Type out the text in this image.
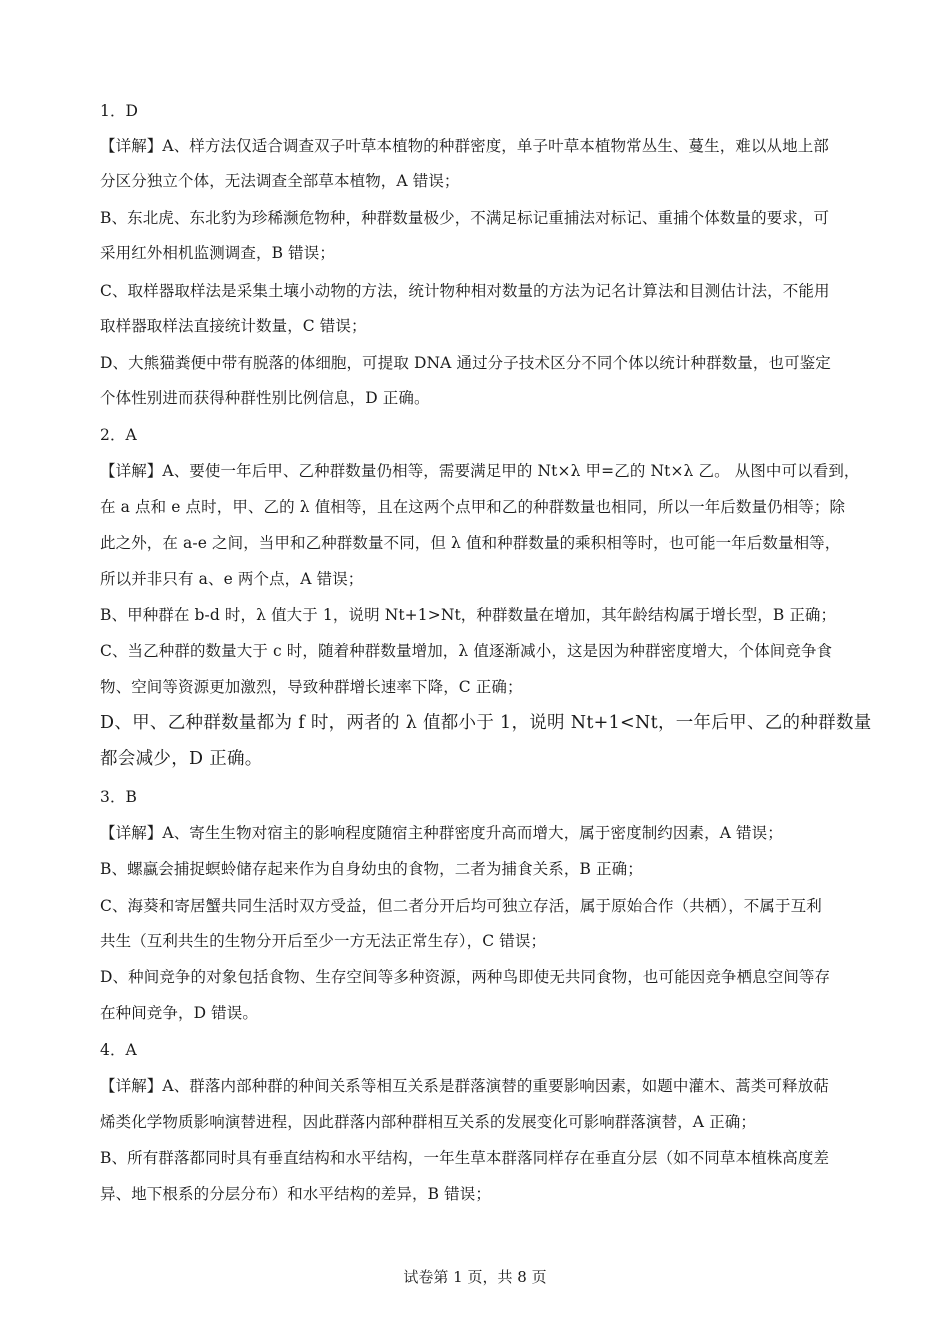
1．D
【详解】A、样方法仅适合调查双子叶草本植物的种群密度，单子叶草本植物常丛生、蔓生，难以从地上部
分区分独立个体，无法调查全部草本植物，A 错误；
B、东北虎、东北豹为珍稀濒危物种，种群数量极少，不满足标记重捕法对标记、重捕个体数量的要求，可
采用红外相机监测调查，B 错误；
C、取样器取样法是采集土壤小动物的方法，统计物种相对数量的方法为记名计算法和目测估计法，不能用
取样器取样法直接统计数量，C 错误；
D、大熊猫粪便中带有脱落的体细胞，可提取 DNA 通过分子技术区分不同个体以统计种群数量，也可鉴定
个体性别进而获得种群性别比例信息，D 正确。
2．A
【详解】A、要使一年后甲、乙种群数量仍相等，需要满足甲的 Nt×λ 甲=乙的 Nt×λ 乙。 从图中可以看到，
在 a 点和 e 点时，甲、乙的 λ 值相等，且在这两个点甲和乙的种群数量也相同，所以一年后数量仍相等；除
此之外，在 a-e 之间，当甲和乙种群数量不同，但 λ 值和种群数量的乘积相等时，也可能一年后数量相等，
所以并非只有 a、e 两个点，A 错误；
B、甲种群在 b-d 时，λ 值大于 1，说明 Nt+1>Nt，种群数量在增加，其年龄结构属于增长型，B 正确；
C、当乙种群的数量大于 c 时，随着种群数量增加，λ 值逐渐减小，这是因为种群密度增大，个体间竞争食
物、空间等资源更加激烈，导致种群增长速率下降，C 正确；
D、甲、乙种群数量都为 f 时，两者的 λ 值都小于 1，说明 Nt+1<Nt，一年后甲、乙的种群数量
都会减少，D 正确。
3．B
【详解】A、寄生生物对宿主的影响程度随宿主种群密度升高而增大，属于密度制约因素，A 错误；
B、螺蠃会捕捉螟蛉储存起来作为自身幼虫的食物，二者为捕食关系，B 正确；
C、海葵和寄居蟹共同生活时双方受益，但二者分开后均可独立存活，属于原始合作（共栖），不属于互利
共生（互利共生的生物分开后至少一方无法正常生存），C 错误；
D、种间竞争的对象包括食物、生存空间等多种资源，两种鸟即使无共同食物，也可能因竞争栖息空间等存
在种间竞争，D 错误。
4．A
【详解】A、群落内部种群的种间关系等相互关系是群落演替的重要影响因素，如题中灌木、蒿类可释放萜
烯类化学物质影响演替进程，因此群落内部种群相互关系的发展变化可影响群落演替，A 正确；
B、所有群落都同时具有垂直结构和水平结构，一年生草本群落同样存在垂直分层（如不同草本植株高度差
异、地下根系的分层分布）和水平结构的差异，B 错误；
试卷第 1 页，共 8 页
